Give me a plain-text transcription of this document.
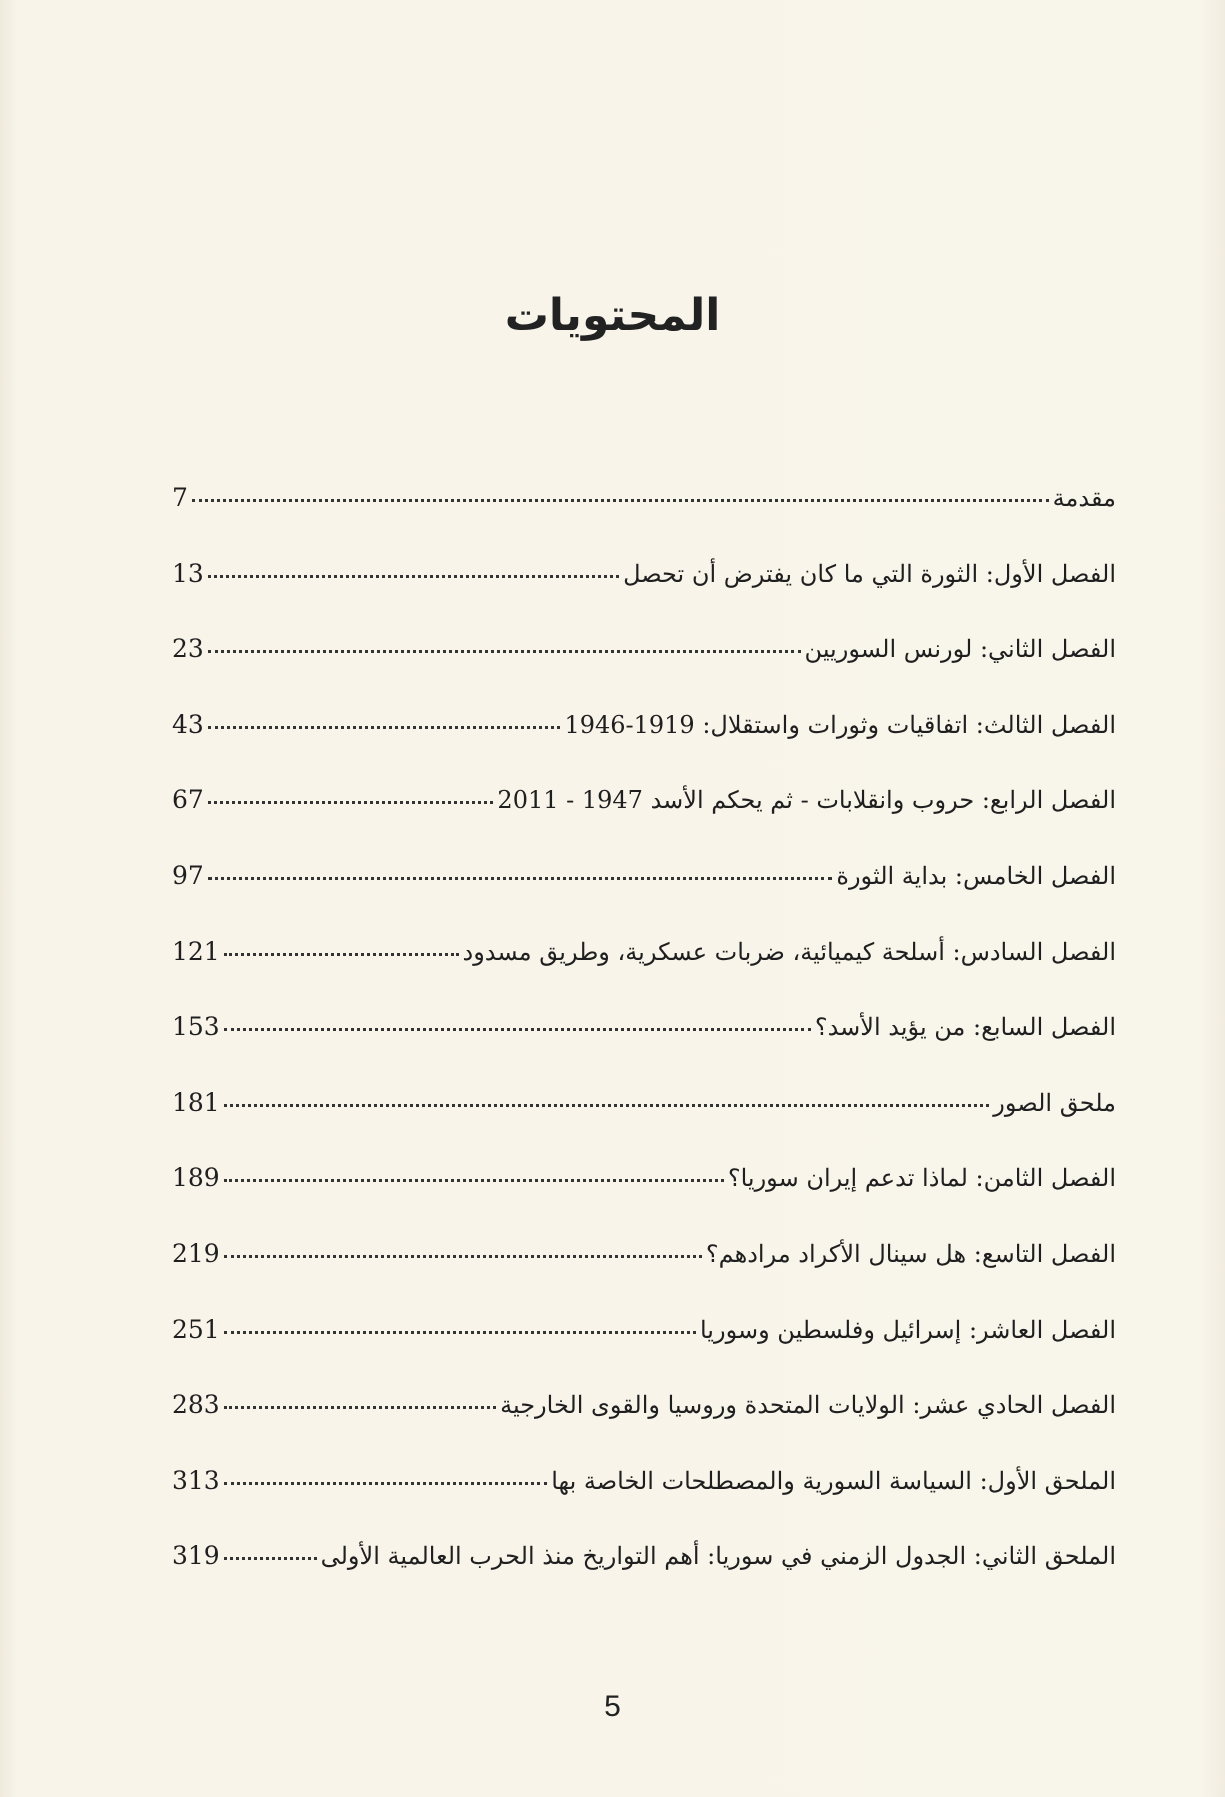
المحتويات
مقدمة
7
الفصل الأول: الثورة التي ما كان يفترض أن تحصل
13
الفصل الثاني: لورنس السوريين
23
الفصل الثالث: اتفاقيات وثورات واستقلال: 1919-1946
43
الفصل الرابع: حروب وانقلابات - ثم يحكم الأسد 1947 - 2011
67
الفصل الخامس: بداية الثورة
97
الفصل السادس: أسلحة كيميائية، ضربات عسكرية، وطريق مسدود
121
الفصل السابع: من يؤيد الأسد؟
153
ملحق الصور
181
الفصل الثامن: لماذا تدعم إيران سوريا؟
189
الفصل التاسع: هل سينال الأكراد مرادهم؟
219
الفصل العاشر: إسرائيل وفلسطين وسوريا
251
الفصل الحادي عشر: الولايات المتحدة وروسيا والقوى الخارجية
283
الملحق الأول: السياسة السورية والمصطلحات الخاصة بها
313
الملحق الثاني: الجدول الزمني في سوريا: أهم التواريخ منذ الحرب العالمية الأولى
319
5
